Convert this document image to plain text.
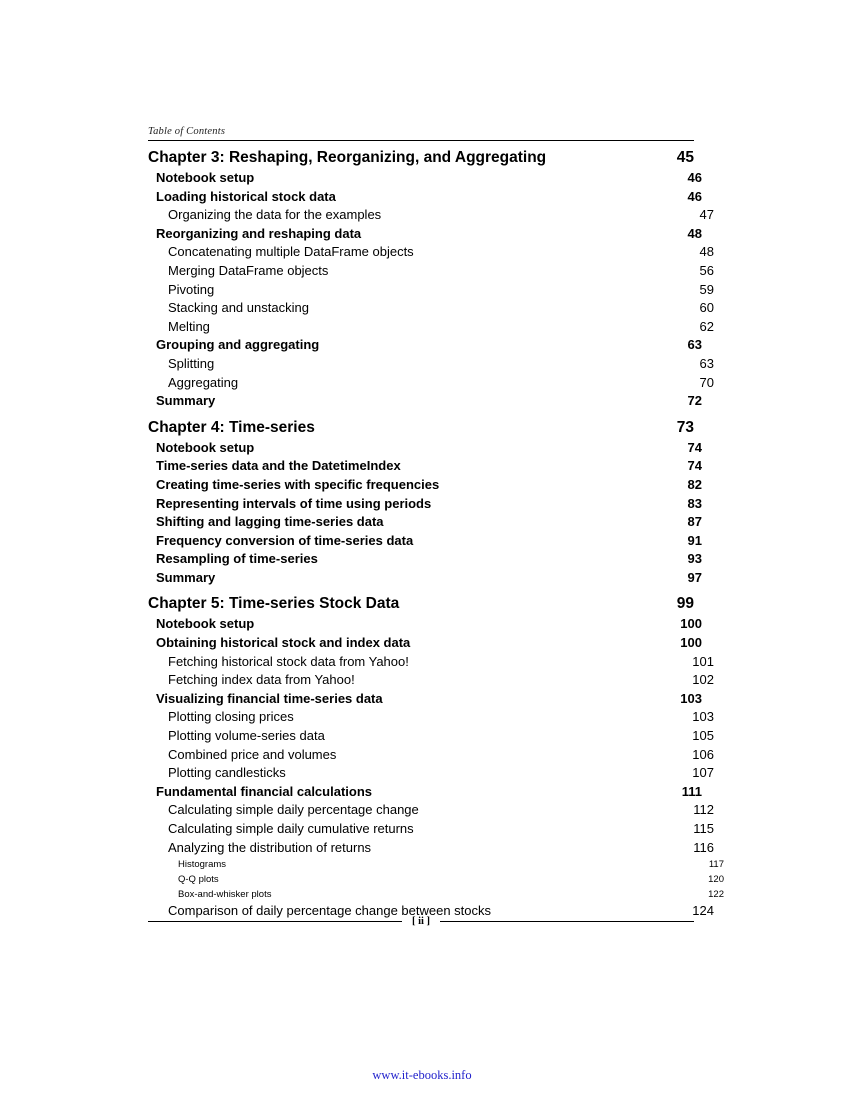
Table of Contents
Chapter 3: Reshaping, Reorganizing, and Aggregating	45
Notebook setup	46
Loading historical stock data	46
Organizing the data for the examples	47
Reorganizing and reshaping data	48
Concatenating multiple DataFrame objects	48
Merging DataFrame objects	56
Pivoting	59
Stacking and unstacking	60
Melting	62
Grouping and aggregating	63
Splitting	63
Aggregating	70
Summary	72
Chapter 4: Time-series	73
Notebook setup	74
Time-series data and the DatetimeIndex	74
Creating time-series with specific frequencies	82
Representing intervals of time using periods	83
Shifting and lagging time-series data	87
Frequency conversion of time-series data	91
Resampling of time-series	93
Summary	97
Chapter 5: Time-series Stock Data	99
Notebook setup	100
Obtaining historical stock and index data	100
Fetching historical stock data from Yahoo!	101
Fetching index data from Yahoo!	102
Visualizing financial time-series data	103
Plotting closing prices	103
Plotting volume-series data	105
Combined price and volumes	106
Plotting candlesticks	107
Fundamental financial calculations	111
Calculating simple daily percentage change	112
Calculating simple daily cumulative returns	115
Analyzing the distribution of returns	116
Histograms	117
Q-Q plots	120
Box-and-whisker plots	122
Comparison of daily percentage change between stocks	124
[ ii ]
www.it-ebooks.info
